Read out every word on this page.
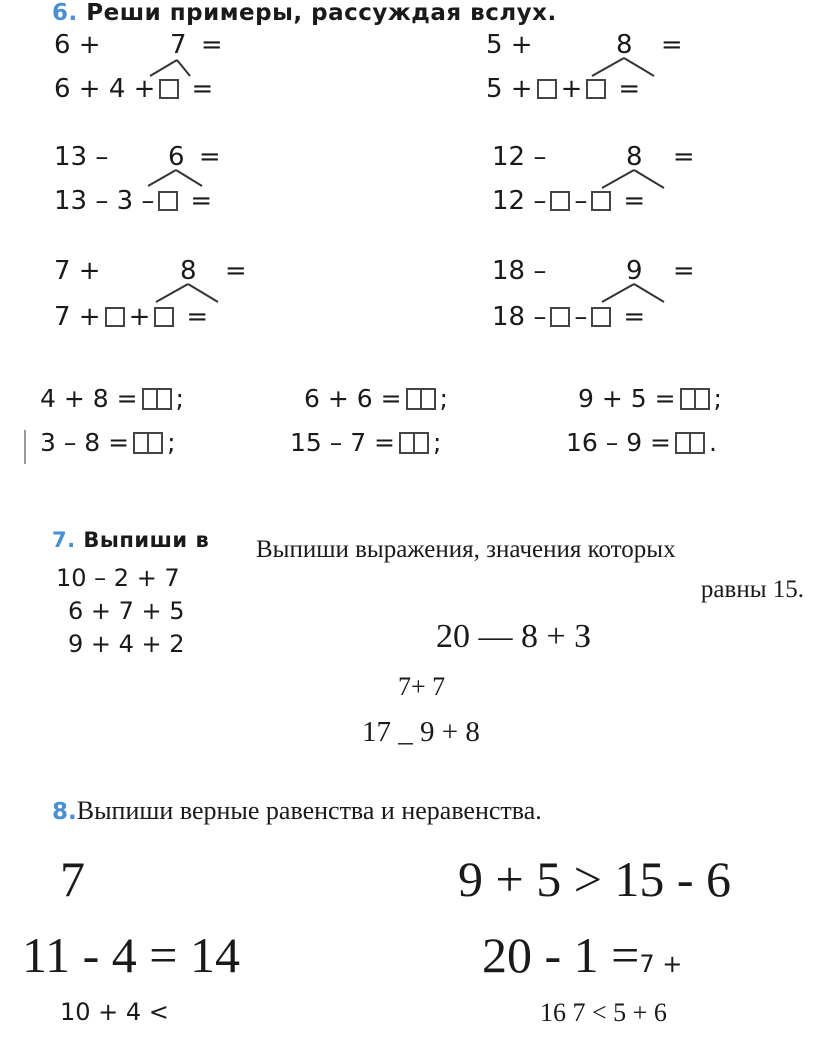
6. Реши примеры, рассуждая вслух.
6 +	7 =
6 + 4 + =
5 +	8 =
5 + + =
13 – 6 =
13 – 3 – =
12 –	8 =
12 – – =
7 +	8 =
7 + + =
18 –	9 =
18 – – =
4 + 8 = ;	6 + 6 = ;	9 + 5 = ;
3 – 8 = ;	15 – 7 = ;	16 – 9 = .
7. Выпиши в
10 – 2 + 7
6 + 7 + 5
9 + 4 + 2
Выпиши выражения, значения которых
равны 15.
20 — 8 + З
7+ 7
17 _ 9 + 8
8.Выпиши верные равенства и неравенства.
7	9 + 5 > 15 - 6
11 - 4 = 14	20 - 1 =7 +
10 + 4 <	16 7 < 5 + 6
